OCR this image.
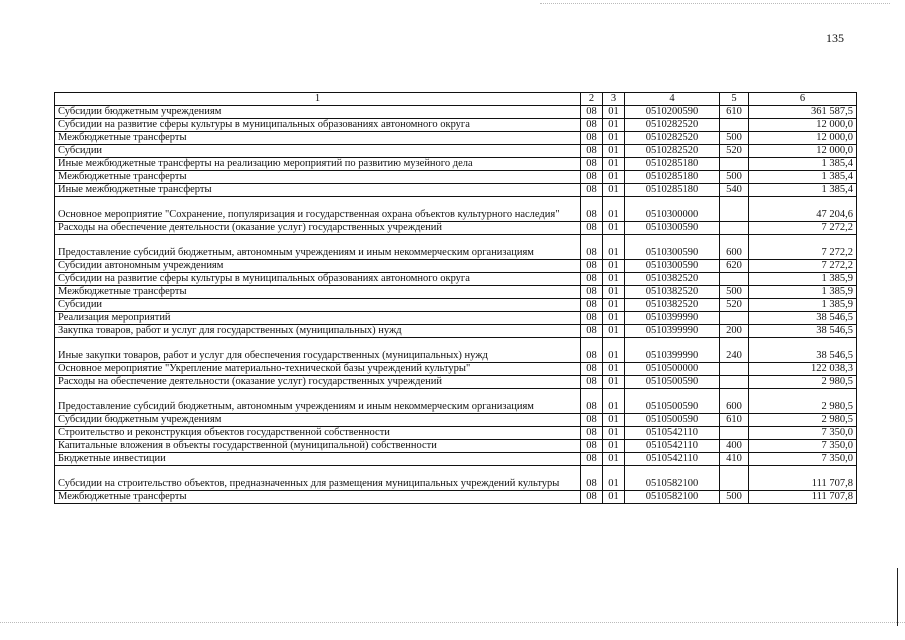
135
1	2	3	4	5	6
Субсидии бюджетным учреждениям	08	01	0510200590	610	361 587,5
Субсидии на развитие сферы культуры в муниципальных образованиях автономного округа	08	01	0510282520		12 000,0
Межбюджетные трансферты	08	01	0510282520	500	12 000,0
Субсидии	08	01	0510282520	520	12 000,0
Иные межбюджетные трансферты на реализацию мероприятий по развитию музейного дела	08	01	0510285180		1 385,4
Межбюджетные трансферты	08	01	0510285180	500	1 385,4
Иные межбюджетные трансферты	08	01	0510285180	540	1 385,4
Основное мероприятие "Сохранение, популяризация и государственная охрана объектов культурного наследия"	08	01	0510300000		47 204,6
Расходы на обеспечение деятельности (оказание услуг) государственных учреждений	08	01	0510300590		7 272,2
Предоставление субсидий бюджетным, автономным учреждениям и иным некоммерческим организациям	08	01	0510300590	600	7 272,2
Субсидии автономным учреждениям	08	01	0510300590	620	7 272,2
Субсидии на развитие сферы культуры в муниципальных образованиях автономного округа	08	01	0510382520		1 385,9
Межбюджетные трансферты	08	01	0510382520	500	1 385,9
Субсидии	08	01	0510382520	520	1 385,9
Реализация мероприятий	08	01	0510399990		38 546,5
Закупка товаров, работ и услуг для государственных (муниципальных) нужд	08	01	0510399990	200	38 546,5
Иные закупки товаров, работ и услуг для обеспечения государственных (муниципальных) нужд	08	01	0510399990	240	38 546,5
Основное мероприятие "Укрепление материально-технической базы учреждений культуры"	08	01	0510500000		122 038,3
Расходы на обеспечение деятельности (оказание услуг) государственных учреждений	08	01	0510500590		2 980,5
Предоставление субсидий бюджетным, автономным учреждениям и иным некоммерческим организациям	08	01	0510500590	600	2 980,5
Субсидии бюджетным учреждениям	08	01	0510500590	610	2 980,5
Строительство и реконструкция объектов государственной собственности	08	01	0510542110		7 350,0
Капитальные вложения в объекты государственной (муниципальной) собственности	08	01	0510542110	400	7 350,0
Бюджетные инвестиции	08	01	0510542110	410	7 350,0
Субсидии на строительство объектов, предназначенных для размещения муниципальных учреждений культуры	08	01	0510582100		111 707,8
Межбюджетные трансферты	08	01	0510582100	500	111 707,8
